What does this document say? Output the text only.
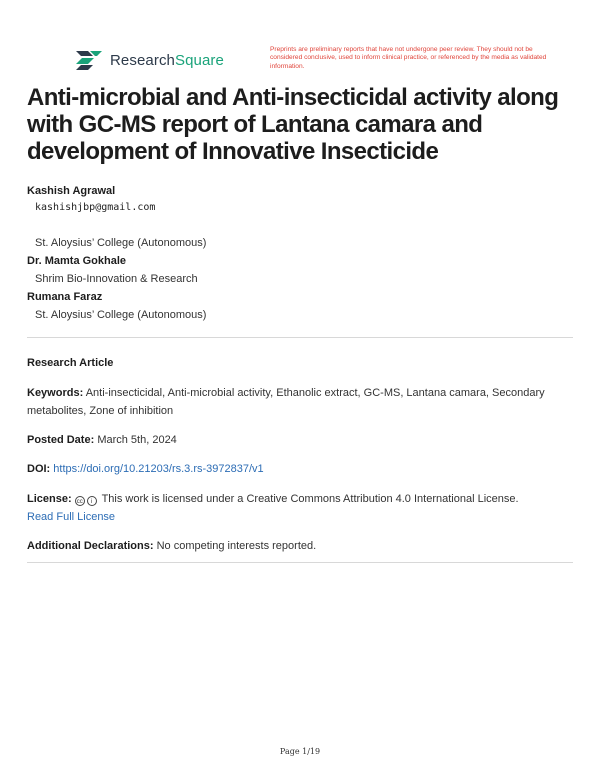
ResearchSquare
Preprints are preliminary reports that have not undergone peer review. They should not be considered conclusive, used to inform clinical practice, or referenced by the media as validated information.
Anti-microbial and Anti-insecticidal activity along with GC-MS report of Lantana camara and development of Innovative Insecticide
Kashish Agrawal
kashishjbp@gmail.com
St. Aloysius’ College (Autonomous)
Dr. Mamta Gokhale
Shrim Bio-Innovation & Research
Rumana Faraz
St. Aloysius’ College (Autonomous)
Research Article
Keywords: Anti-insecticidal, Anti-microbial activity, Ethanolic extract, GC-MS, Lantana camara, Secondary metabolites, Zone of inhibition
Posted Date: March 5th, 2024
DOI: https://doi.org/10.21203/rs.3.rs-3972837/v1
License: cc i This work is licensed under a Creative Commons Attribution 4.0 International License.
Read Full License
Additional Declarations: No competing interests reported.
Page 1/19
